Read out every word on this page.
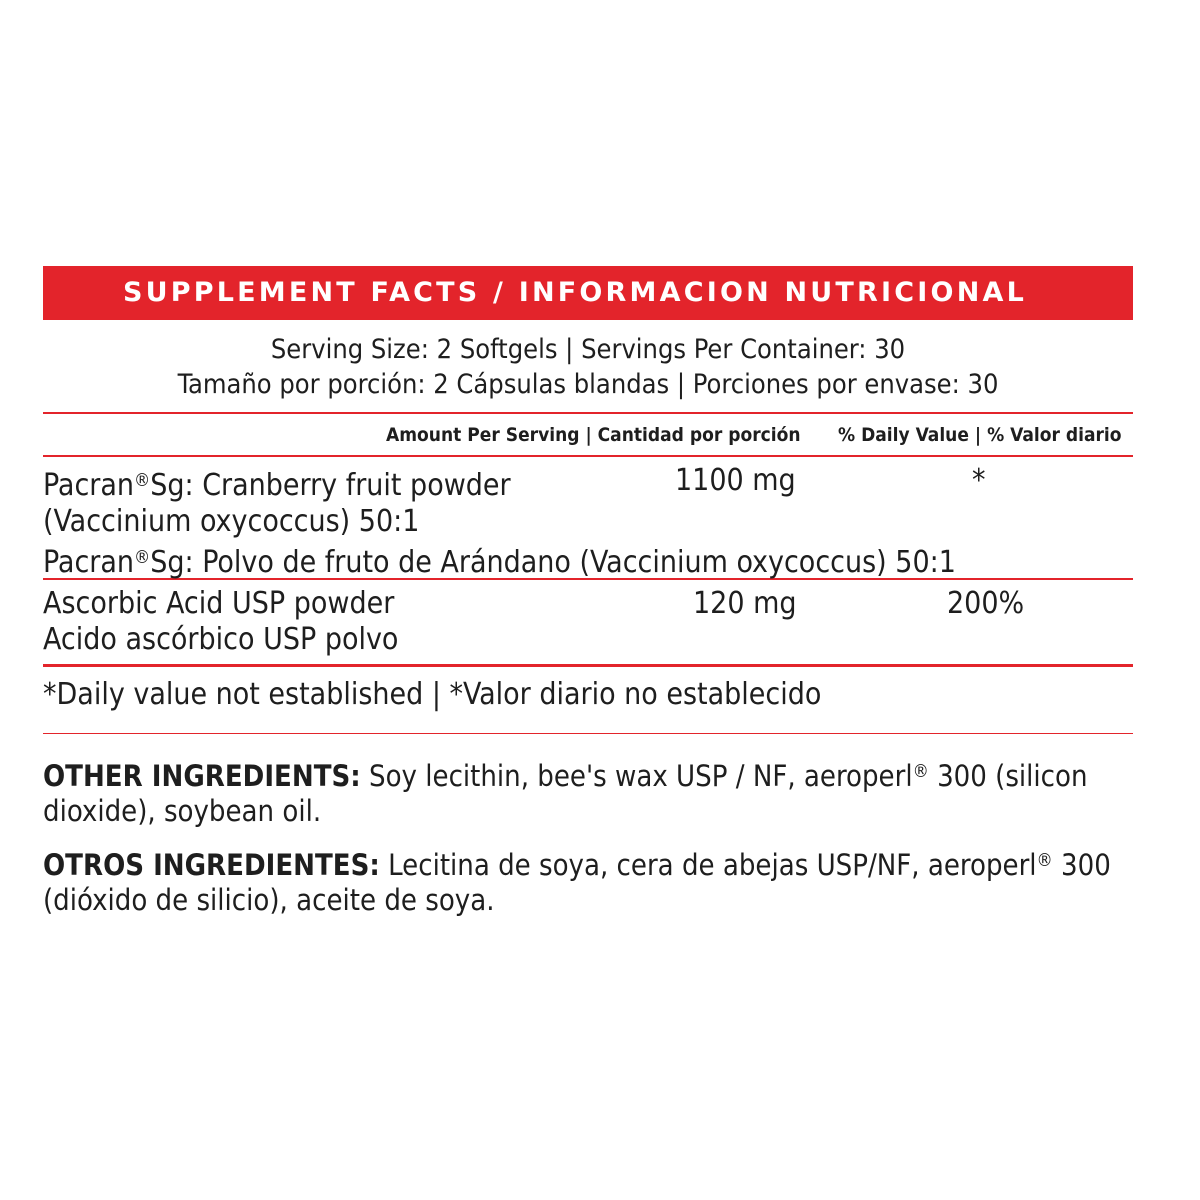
SUPPLEMENT FACTS / INFORMACION NUTRICIONAL
Serving Size: 2 Softgels | Servings Per Container: 30
Tamaño por porción: 2 Cápsulas blandas | Porciones por envase: 30
Amount Per Serving | Cantidad por porción % Daily Value | % Valor diario
Pacran®Sg: Cranberry fruit powder
(Vaccinium oxycoccus) 50:1
Pacran®Sg: Polvo de fruto de Arándano (Vaccinium oxycoccus) 50:1
1100 mg	*
Ascorbic Acid USP powder
Acido ascórbico USP polvo
120 mg	200%
*Daily value not established | *Valor diario no establecido

OTHER INGREDIENTS: Soy lecithin, bee's wax USP / NF, aeroperl® 300 (silicon dioxide), soybean oil.

OTROS INGREDIENTES: Lecitina de soya, cera de abejas USP/NF, aeroperl® 300 (dióxido de silicio), aceite de soya.
